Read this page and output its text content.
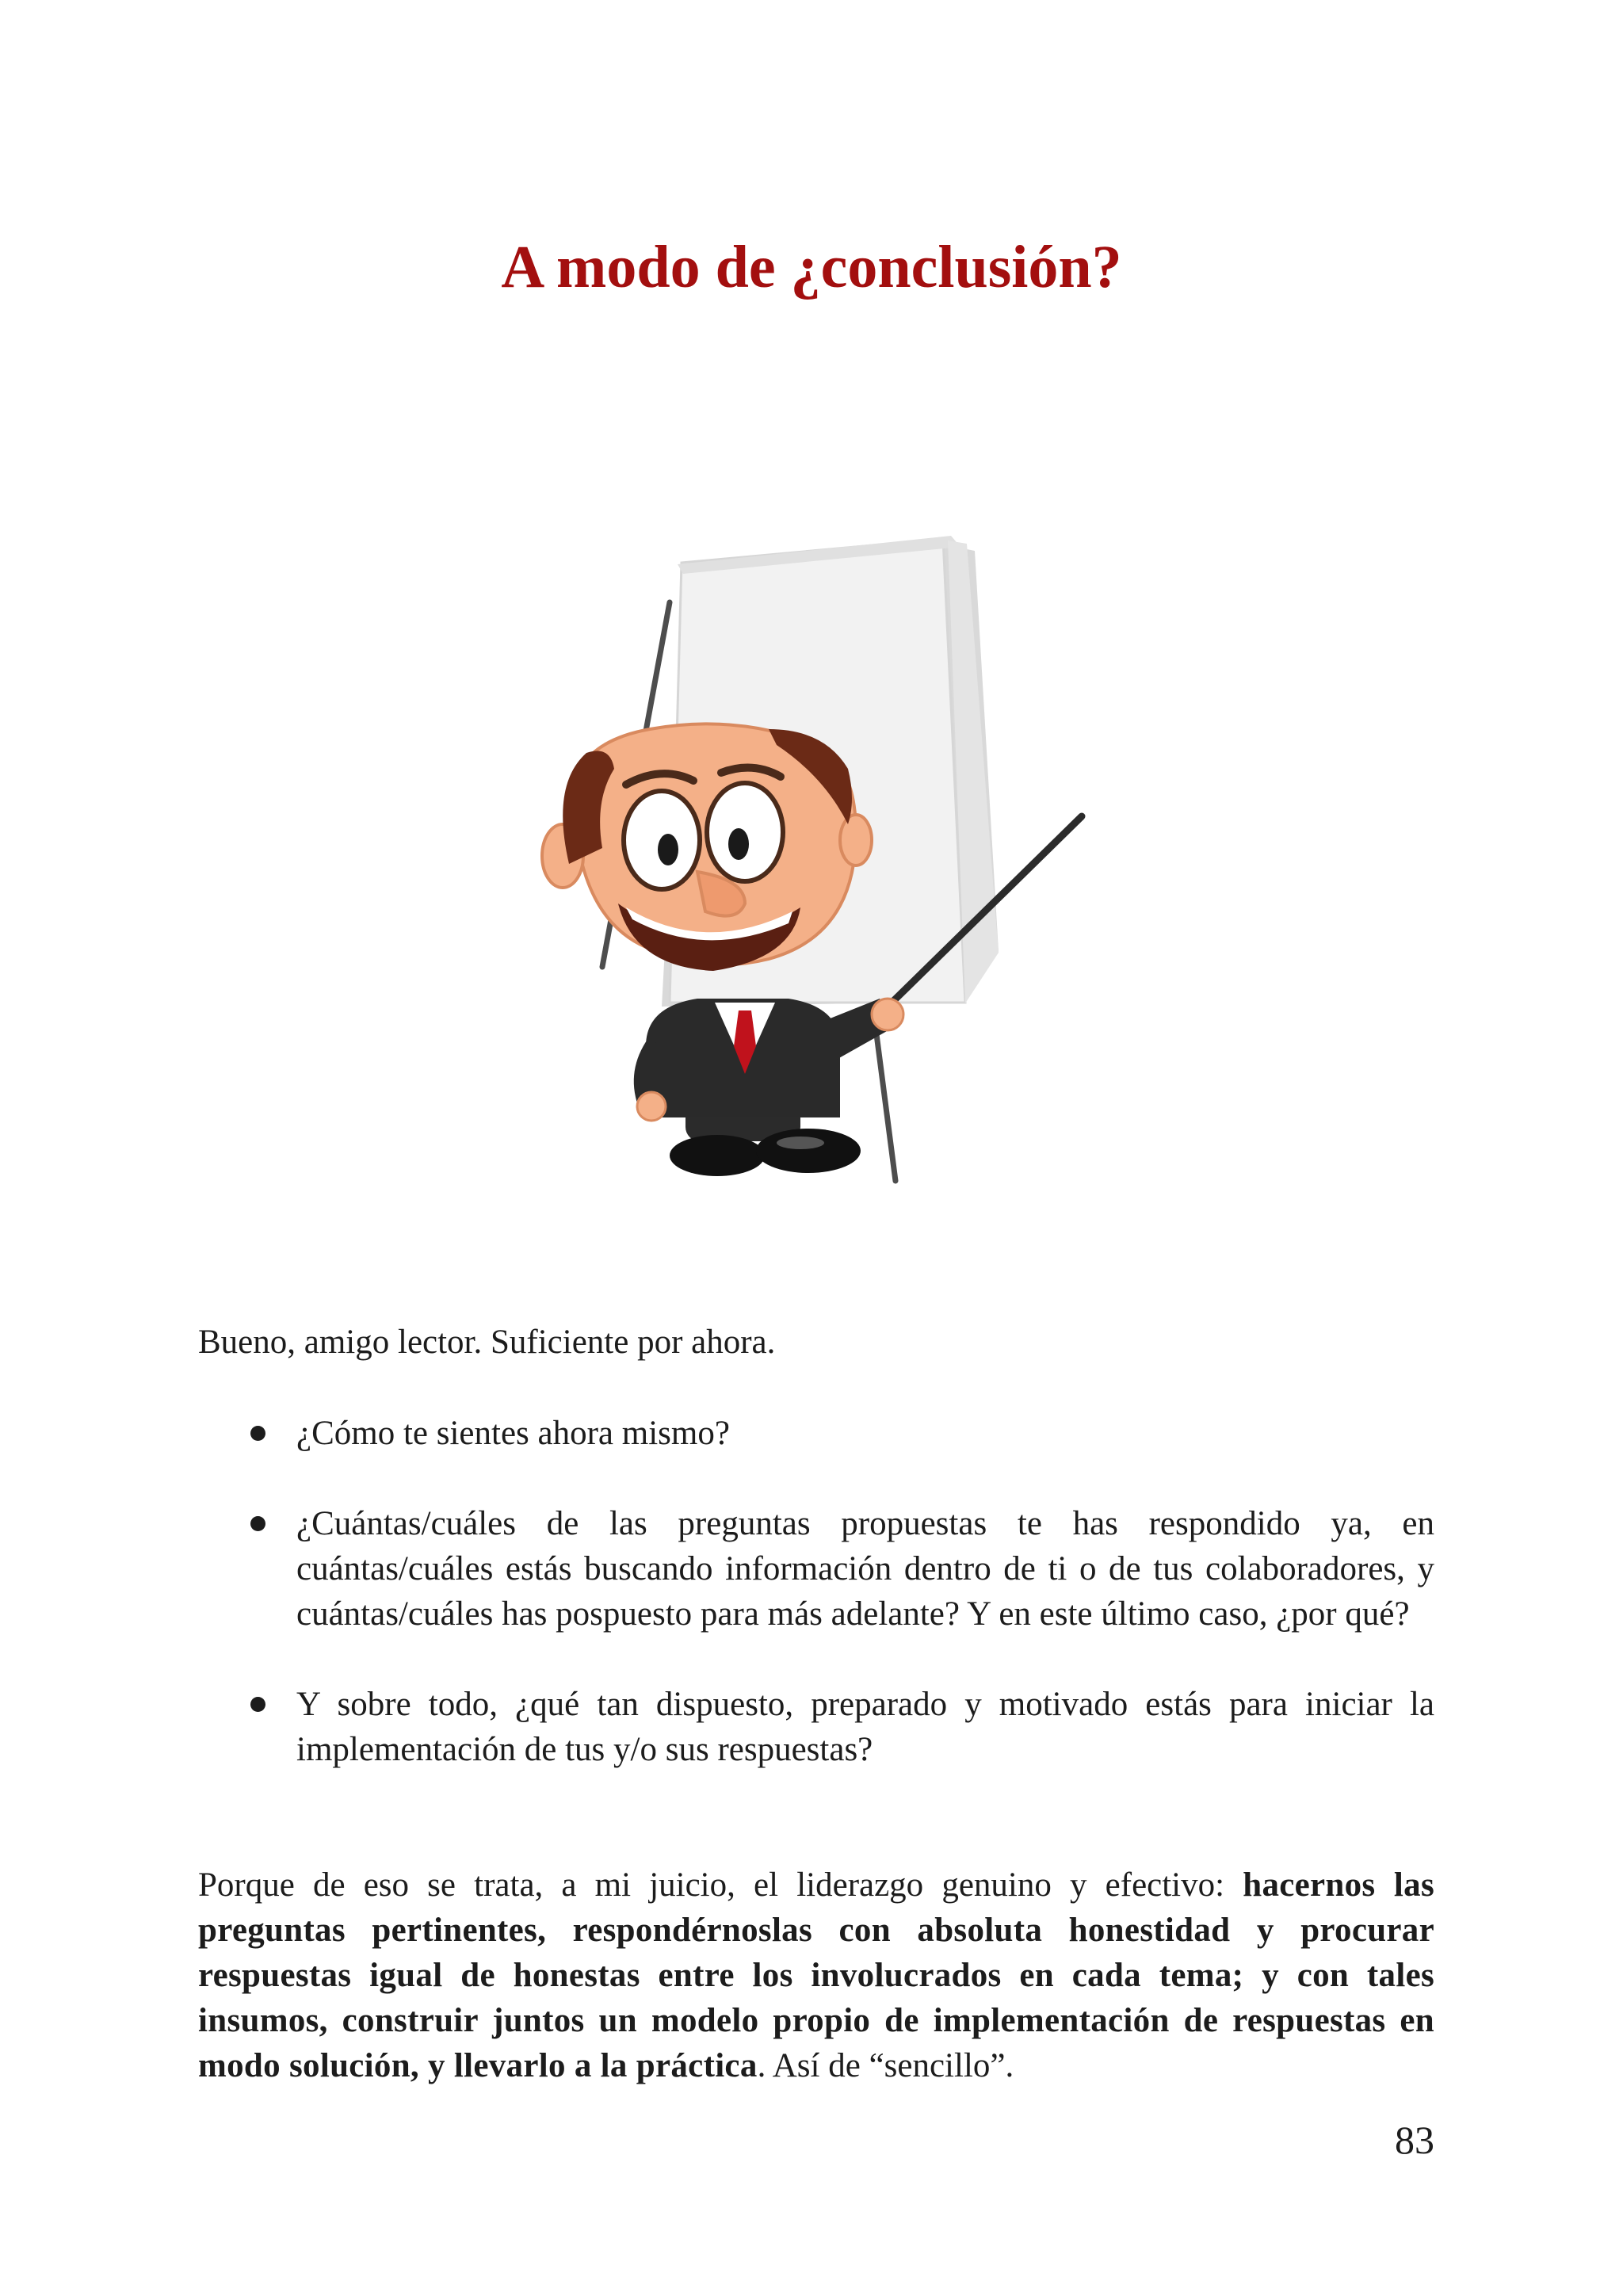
A modo de ¿conclusión?

Bueno, amigo lector. Suficiente por ahora.

¿Cómo te sientes ahora mismo?
¿Cuántas/cuáles de las preguntas propuestas te has respondido ya, en cuántas/cuáles estás buscando información dentro de ti o de tus colaboradores, y cuántas/cuáles has pospuesto para más adelante? Y en este último caso, ¿por qué?
Y sobre todo, ¿qué tan dispuesto, preparado y motivado estás para iniciar la implementación de tus y/o sus respuestas?

Porque de eso se trata, a mi juicio, el liderazgo genuino y efectivo: hacernos las preguntas pertinentes, respondérnoslas con absoluta honestidad y procurar respuestas igual de honestas entre los involucrados en cada tema; y con tales insumos, construir juntos un modelo propio de implementación de respuestas en modo solución, y llevarlo a la práctica. Así de “sencillo”.

83
